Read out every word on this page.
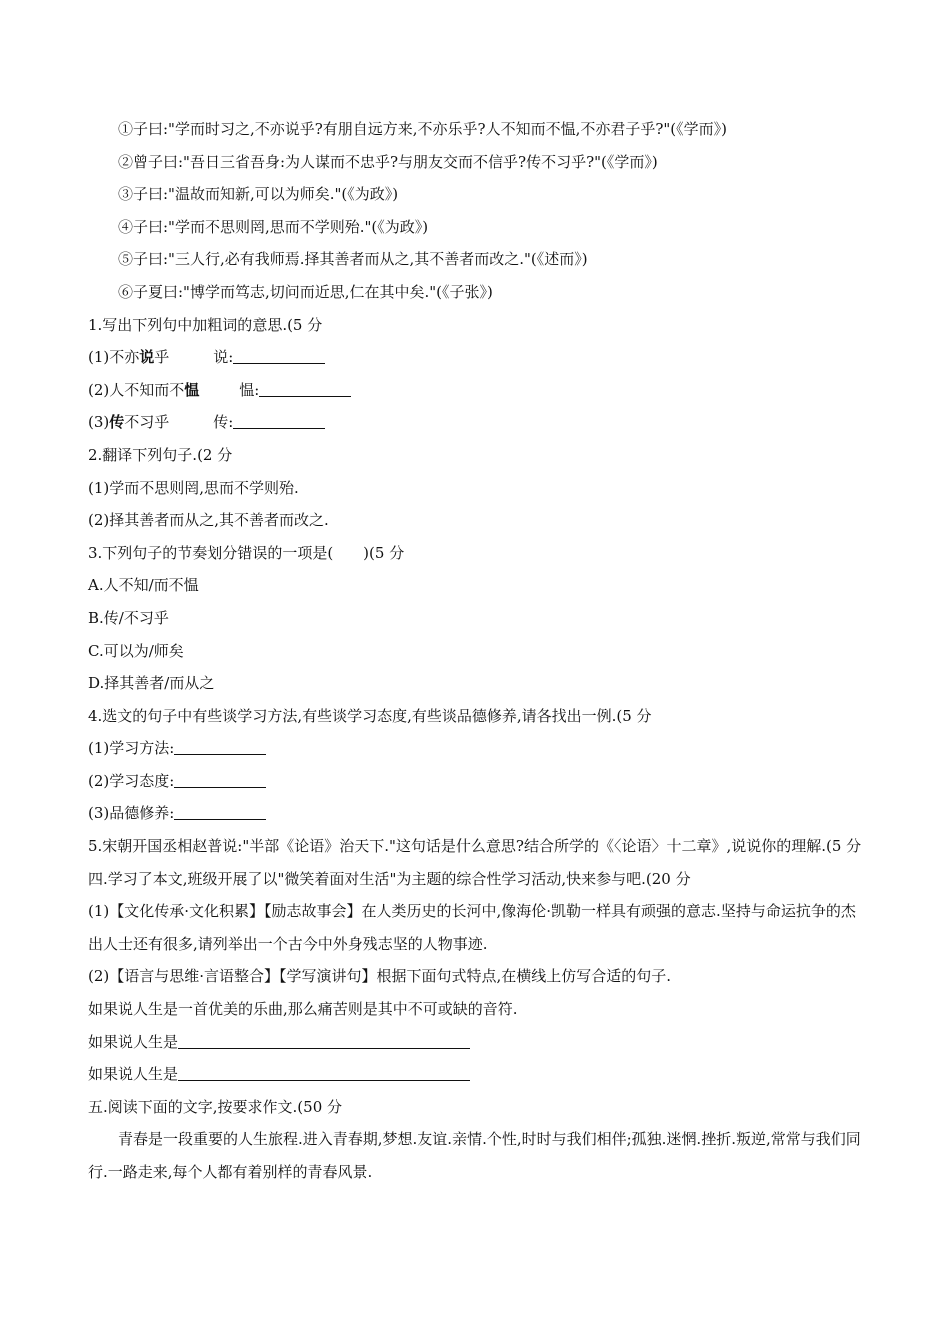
①子曰:"学而时习之,不亦说乎?有朋自远方来,不亦乐乎?人不知而不愠,不亦君子乎?"(《学而》)
②曾子曰:"吾日三省吾身:为人谋而不忠乎?与朋友交而不信乎?传不习乎?"(《学而》)
③子曰:"温故而知新,可以为师矣."(《为政》)
④子曰:"学而不思则罔,思而不学则殆."(《为政》)
⑤子曰:"三人行,必有我师焉.择其善者而从之,其不善者而改之."(《述而》)
⑥子夏曰:"博学而笃志,切问而近思,仁在其中矣."(《子张》)
1.写出下列句中加粗词的意思.(5 分
(1)不亦说乎	说:
(2)人不知而不愠	愠:
(3)传不习乎	传:
2.翻译下列句子.(2 分
(1)学而不思则罔,思而不学则殆.
(2)择其善者而从之,其不善者而改之.
3.下列句子的节奏划分错误的一项是( )(5 分
A.人不知/而不愠
B.传/不习乎
C.可以为/师矣
D.择其善者/而从之
4.选文的句子中有些谈学习方法,有些谈学习态度,有些谈品德修养,请各找出一例.(5 分
(1)学习方法:
(2)学习态度:
(3)品德修养:
5.宋朝开国丞相赵普说:"半部《论语》治天下."这句话是什么意思?结合所学的《〈论语〉十二章》,说说你的理解.(5 分
四.学习了本文,班级开展了以"微笑着面对生活"为主题的综合性学习活动,快来参与吧.(20 分
(1)【文化传承·文化积累】【励志故事会】在人类历史的长河中,像海伦·凯勒一样具有顽强的意志.坚持与命运抗争的杰出人士还有很多,请列举出一个古今中外身残志坚的人物事迹.
(2)【语言与思维·言语整合】【学写演讲句】根据下面句式特点,在横线上仿写合适的句子.
如果说人生是一首优美的乐曲,那么痛苦则是其中不可或缺的音符.
如果说人生是
如果说人生是
五.阅读下面的文字,按要求作文.(50 分
青春是一段重要的人生旅程.进入青春期,梦想.友谊.亲情.个性,时时与我们相伴;孤独.迷惘.挫折.叛逆,常常与我们同行.一路走来,每个人都有着别样的青春风景.
